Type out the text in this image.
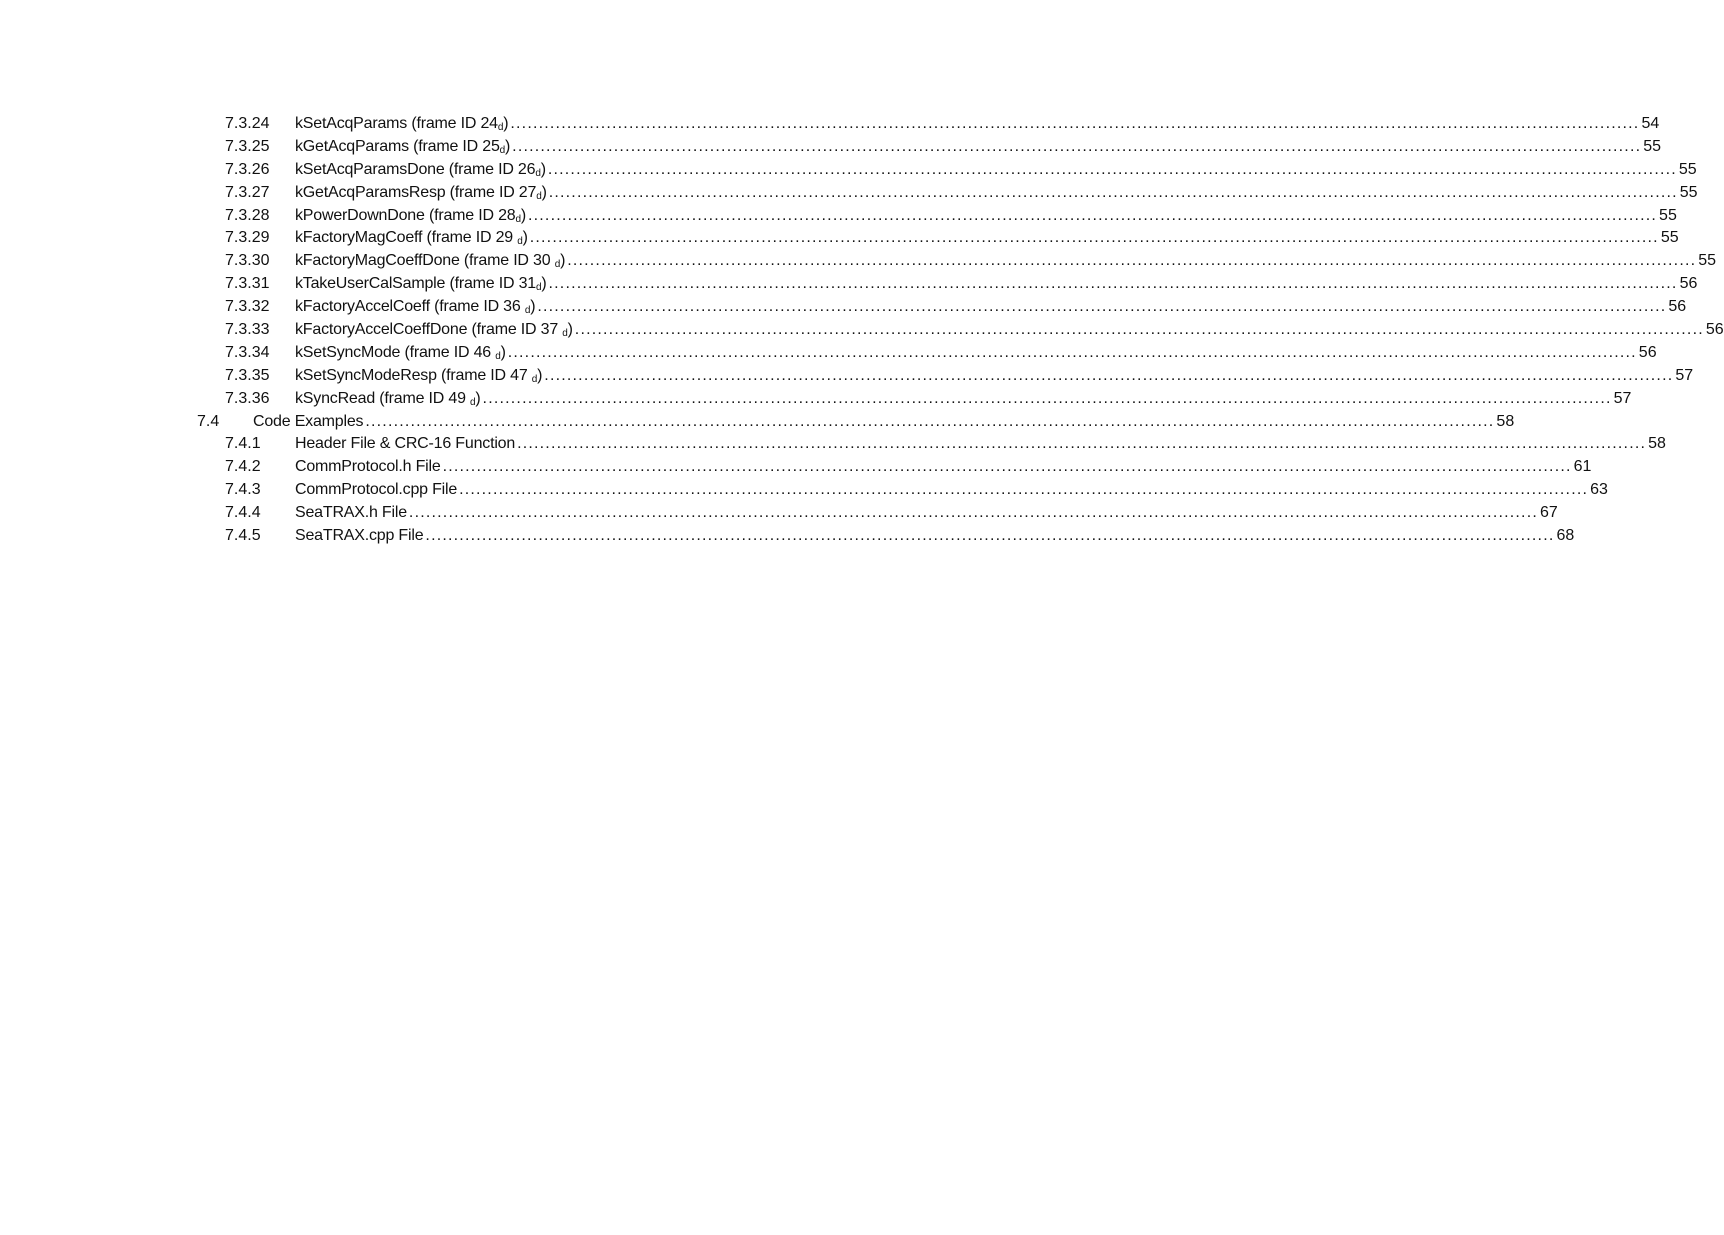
7.3.24 kSetAcqParams (frame ID $24_d$) ........................................................................................................................................................................................................ 54
7.3.25 kGetAcqParams (frame ID $25_d$) ........................................................................................................................................................................................................ 55
7.3.26 kSetAcqParamsDone (frame ID $26_d$) ........................................................................................................................................................................................................ 55
7.3.27 kGetAcqParamsResp (frame ID $27_d$) ........................................................................................................................................................................................................ 55
7.3.28 kPowerDownDone (frame ID $28_d$) ........................................................................................................................................................................................................ 55
7.3.29 kFactoryMagCoeff (frame ID 29 $_d$) ........................................................................................................................................................................................................ 55
7.3.30 kFactoryMagCoeffDone (frame ID 30 $_d$) ........................................................................................................................................................................................................ 55
7.3.31 kTakeUserCalSample (frame ID $31_d$) ........................................................................................................................................................................................................ 56
7.3.32 kFactoryAccelCoeff (frame ID 36 $_d$) ........................................................................................................................................................................................................ 56
7.3.33 kFactoryAccelCoeffDone (frame ID 37 $_d$) ........................................................................................................................................................................................................ 56
7.3.34 kSetSyncMode (frame ID 46 $_d$) ........................................................................................................................................................................................................ 56
7.3.35 kSetSyncModeResp (frame ID 47 $_d$) ........................................................................................................................................................................................................ 57
7.3.36 kSyncRead (frame ID 49 $_d$) ........................................................................................................................................................................................................ 57
7.4 Code Examples ........................................................................................................................................................................................................ 58
7.4.1 Header File & CRC-16 Function ........................................................................................................................................................................................................ 58
7.4.2 CommProtocol.h File ........................................................................................................................................................................................................ 61
7.4.3 CommProtocol.cpp File ........................................................................................................................................................................................................ 63
7.4.4 SeaTRAX.h File ........................................................................................................................................................................................................ 67
7.4.5 SeaTRAX.cpp File ........................................................................................................................................................................................................ 68
